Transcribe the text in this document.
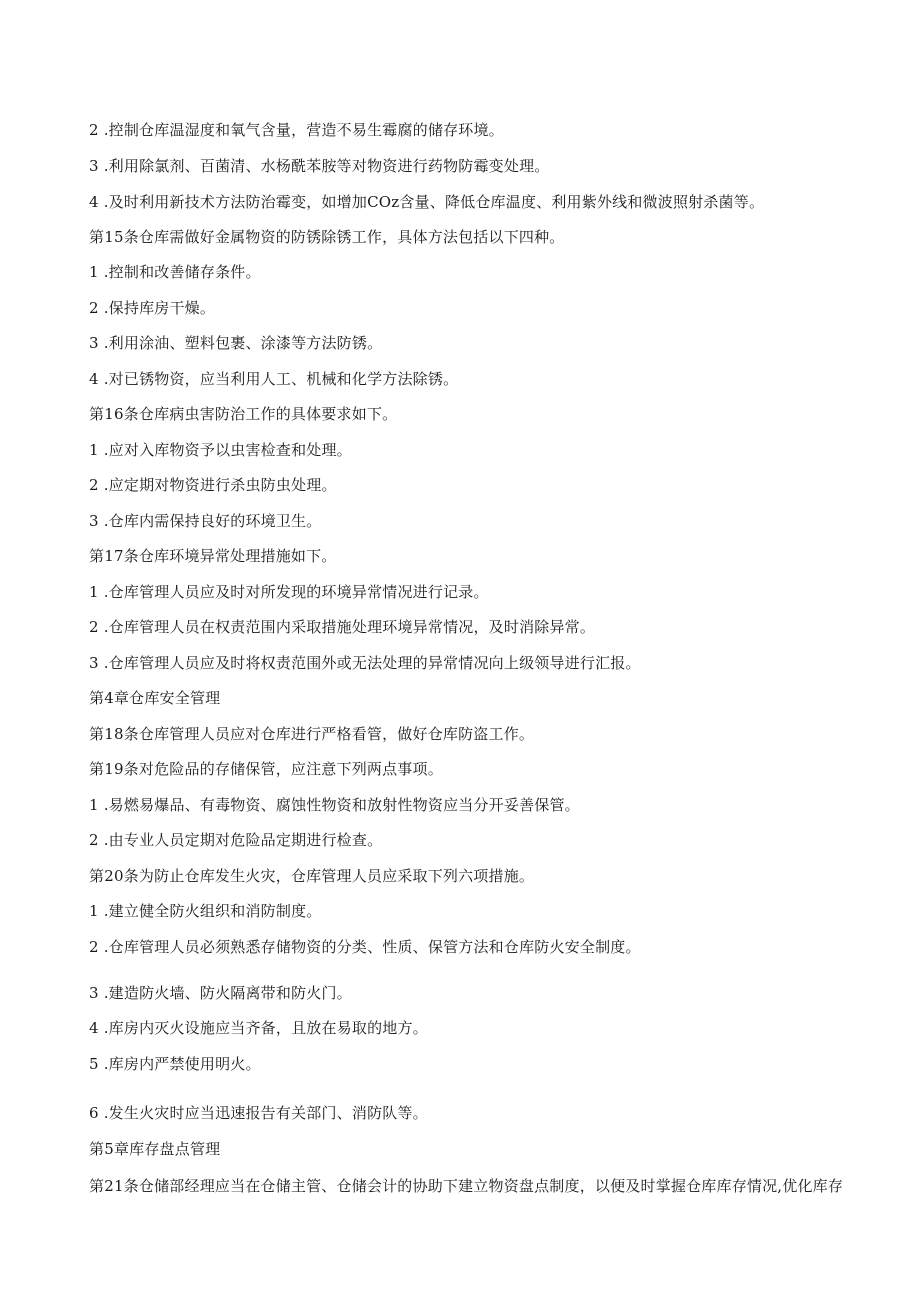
2 .控制仓库温湿度和氧气含量，营造不易生霉腐的储存环境。
3 .利用除氯剂、百菌清、水杨酰苯胺等对物资进行药物防霉变处理。
4 .及时利用新技术方法防治霉变，如增加COz含量、降低仓库温度、利用紫外线和微波照射杀菌等。
第15条仓库需做好金属物资的防锈除锈工作，具体方法包括以下四种。
1 .控制和改善储存条件。
2 .保持库房干燥。
3 .利用涂油、塑料包裹、涂漆等方法防锈。
4 .对已锈物资，应当利用人工、机械和化学方法除锈。
第16条仓库病虫害防治工作的具体要求如下。
1 .应对入库物资予以虫害检查和处理。
2 .应定期对物资进行杀虫防虫处理。
3 .仓库内需保持良好的环境卫生。
第17条仓库环境异常处理措施如下。
1 .仓库管理人员应及时对所发现的环境异常情况进行记录。
2 .仓库管理人员在权责范围内采取措施处理环境异常情况，及时消除异常。
3 .仓库管理人员应及时将权责范围外或无法处理的异常情况向上级领导进行汇报。
第4章仓库安全管理
第18条仓库管理人员应对仓库进行严格看管，做好仓库防盗工作。
第19条对危险品的存储保管，应注意下列两点事项。
1 .易燃易爆品、有毒物资、腐蚀性物资和放射性物资应当分开妥善保管。
2 .由专业人员定期对危险品定期进行检查。
第20条为防止仓库发生火灾，仓库管理人员应采取下列六项措施。
1 .建立健全防火组织和消防制度。
2 .仓库管理人员必须熟悉存储物资的分类、性质、保管方法和仓库防火安全制度。
3 .建造防火墙、防火隔离带和防火门。
4 .库房内灭火设施应当齐备，且放在易取的地方。
5 .库房内严禁使用明火。
6 .发生火灾时应当迅速报告有关部门、消防队等。
第5章库存盘点管理
第21条仓储部经理应当在仓储主管、仓储会计的协助下建立物资盘点制度，以便及时掌握仓库库存情况,优化库存
